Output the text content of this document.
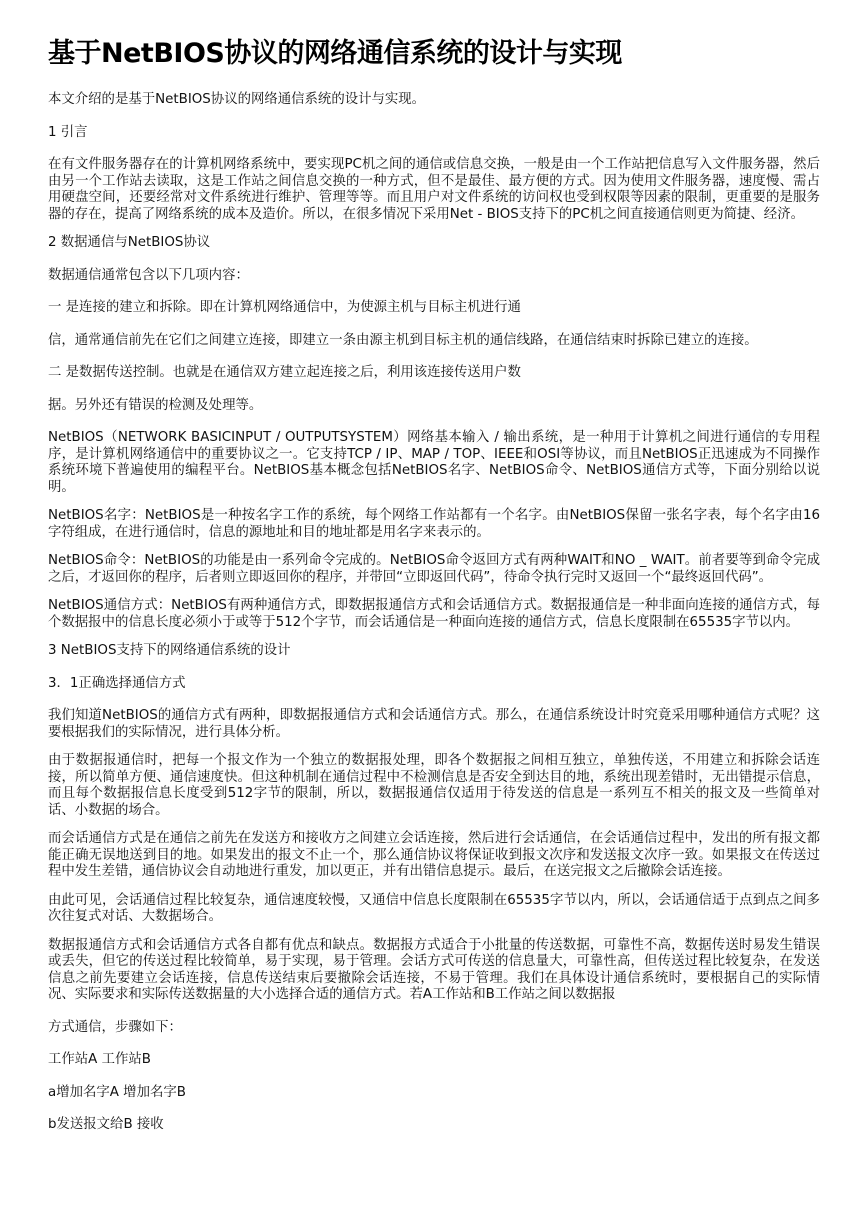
基于NetBIOS协议的网络通信系统的设计与实现

本文介绍的是基于NetBIOS协议的网络通信系统的设计与实现。

1 引言

在有文件服务器存在的计算机网络系统中，要实现PC机之间的通信或信息交换，一般是由一个工作站把信息写入文件服务器，然后由另一个工作站去读取，这是工作站之间信息交换的一种方式，但不是最佳、最方便的方式。因为使用文件服务器，速度慢、需占用硬盘空间，还要经常对文件系统进行维护、管理等等。而且用户对文件系统的访问权也受到权限等因素的限制，更重要的是服务器的存在，提高了网络系统的成本及造价。所以，在很多情况下采用Net - BIOS支持下的PC机之间直接通信则更为简捷、经济。

2 数据通信与NetBIOS协议

数据通信通常包含以下几项内容：

一 是连接的建立和拆除。即在计算机网络通信中，为使源主机与目标主机进行通

信，通常通信前先在它们之间建立连接，即建立一条由源主机到目标主机的通信线路，在通信结束时拆除已建立的连接。

二 是数据传送控制。也就是在通信双方建立起连接之后，利用该连接传送用户数

据。另外还有错误的检测及处理等。

NetBIOS（NETWORK BASICINPUT / OUTPUTSYSTEM）网络基本输入 / 输出系统，是一种用于计算机之间进行通信的专用程序，是计算机网络通信中的重要协议之一。它支持TCP / IP、MAP / TOP、IEEE和OSI等协议，而且NetBIOS正迅速成为不同操作系统环境下普遍使用的编程平台。NetBIOS基本概念包括NetBIOS名字、NetBIOS命令、NetBIOS通信方式等，下面分别给以说明。

NetBIOS名字：NetBIOS是一种按名字工作的系统，每个网络工作站都有一个名字。由NetBIOS保留一张名字表，每个名字由16字符组成，在进行通信时，信息的源地址和目的地址都是用名字来表示的。

NetBIOS命令：NetBIOS的功能是由一系列命令完成的。NetBIOS命令返回方式有两种WAIT和NO _ WAIT。前者要等到命令完成之后，才返回你的程序，后者则立即返回你的程序，并带回“立即返回代码”，待命令执行完时又返回一个“最终返回代码”。

NetBIOS通信方式：NetBIOS有两种通信方式，即数据报通信方式和会话通信方式。数据报通信是一种非面向连接的通信方式，每个数据报中的信息长度必须小于或等于512个字节，而会话通信是一种面向连接的通信方式，信息长度限制在65535字节以内。

3 NetBIOS支持下的网络通信系统的设计

3．1正确选择通信方式

我们知道NetBIOS的通信方式有两种，即数据报通信方式和会话通信方式。那么，在通信系统设计时究竟采用哪种通信方式呢？这要根据我们的实际情况，进行具体分析。

由于数据报通信时，把每一个报文作为一个独立的数据报处理，即各个数据报之间相互独立，单独传送，不用建立和拆除会话连接，所以简单方便、通信速度快。但这种机制在通信过程中不检测信息是否安全到达目的地，系统出现差错时，无出错提示信息，而且每个数据报信息长度受到512字节的限制，所以，数据报通信仅适用于待发送的信息是一系列互不相关的报文及一些简单对话、小数据的场合。

而会话通信方式是在通信之前先在发送方和接收方之间建立会话连接，然后进行会话通信，在会话通信过程中，发出的所有报文都能正确无误地送到目的地。如果发出的报文不止一个，那么通信协议将保证收到报文次序和发送报文次序一致。如果报文在传送过程中发生差错，通信协议会自动地进行重发，加以更正，并有出错信息提示。最后，在送完报文之后撤除会话连接。

由此可见，会话通信过程比较复杂，通信速度较慢，又通信中信息长度限制在65535字节以内，所以，会话通信适于点到点之间多次往复式对话、大数据场合。

数据报通信方式和会话通信方式各自都有优点和缺点。数据报方式适合于小批量的传送数据，可靠性不高，数据传送时易发生错误或丢失，但它的传送过程比较简单，易于实现，易于管理。会话方式可传送的信息量大，可靠性高，但传送过程比较复杂，在发送信息之前先要建立会话连接，信息传送结束后要撤除会话连接，不易于管理。我们在具体设计通信系统时，要根据自己的实际情况、实际要求和实际传送数据量的大小选择合适的通信方式。若A工作站和B工作站之间以数据报

方式通信，步骤如下：

工作站A 工作站B

a增加名字A 增加名字B

b发送报文给B 接收
